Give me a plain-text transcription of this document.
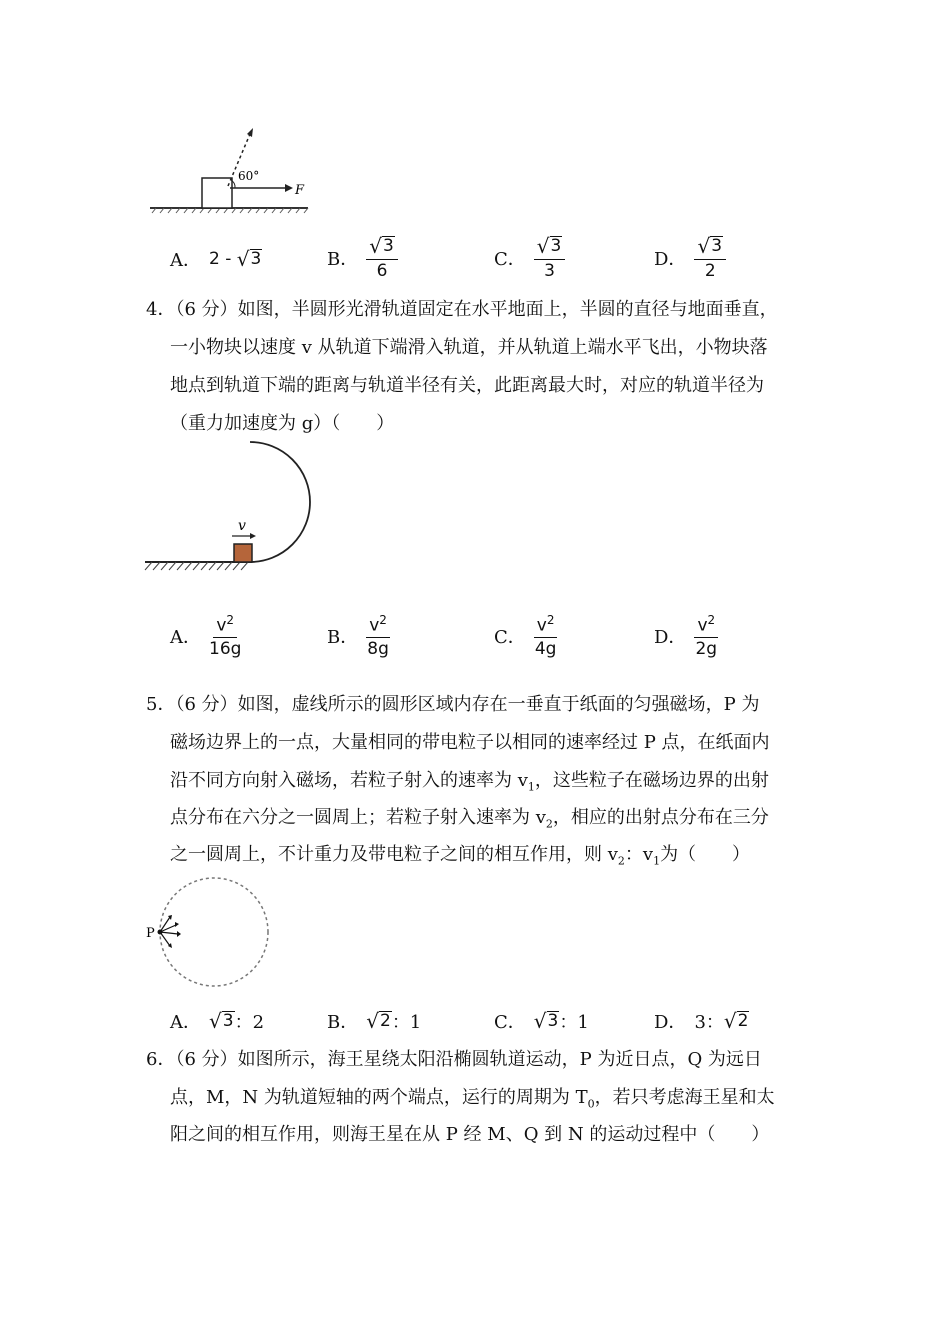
60°
F
A． 2 - √ 3	B． $\frac{√ 3}{6}$	C． $\frac{√ 3}{3}$	D． $\frac{√ 3}{2}$
4．（6 分）如图，半圆形光滑轨道固定在水平地面上，半圆的直径与地面垂直，
一小物块以速度 v 从轨道下端滑入轨道，并从轨道上端水平飞出，小物块落
地点到轨道下端的距离与轨道半径有关，此距离最大时，对应的轨道半径为
（重力加速度为 g）（　　）
v
A． $\frac{v^2}{16g}$	B． $\frac{v^2}{8g}$	C． $\frac{v^2}{4g}$	D． $\frac{v^2}{2g}$
5．（6 分）如图，虚线所示的圆形区域内存在一垂直于纸面的匀强磁场，P 为
磁场边界上的一点，大量相同的带电粒子以相同的速率经过 P 点，在纸面内
沿不同方向射入磁场，若粒子射入的速率为 $v_1$，这些粒子在磁场边界的出射
点分布在六分之一圆周上；若粒子射入速率为 $v_2$，相应的出射点分布在三分
之一圆周上，不计重力及带电粒子之间的相互作用，则 $v_2$：$v_1$为（　　）
P
A． √ 3 ：2	B． √ 2 ：1	C． √ 3 ：1	D． 3： √ 2
6．（6 分）如图所示，海王星绕太阳沿椭圆轨道运动，P 为近日点，Q 为远日
点，M，N 为轨道短轴的两个端点，运行的周期为 $T_0$，若只考虑海王星和太
阳之间的相互作用，则海王星在从 P 经 M、Q 到 N 的运动过程中（　　）
